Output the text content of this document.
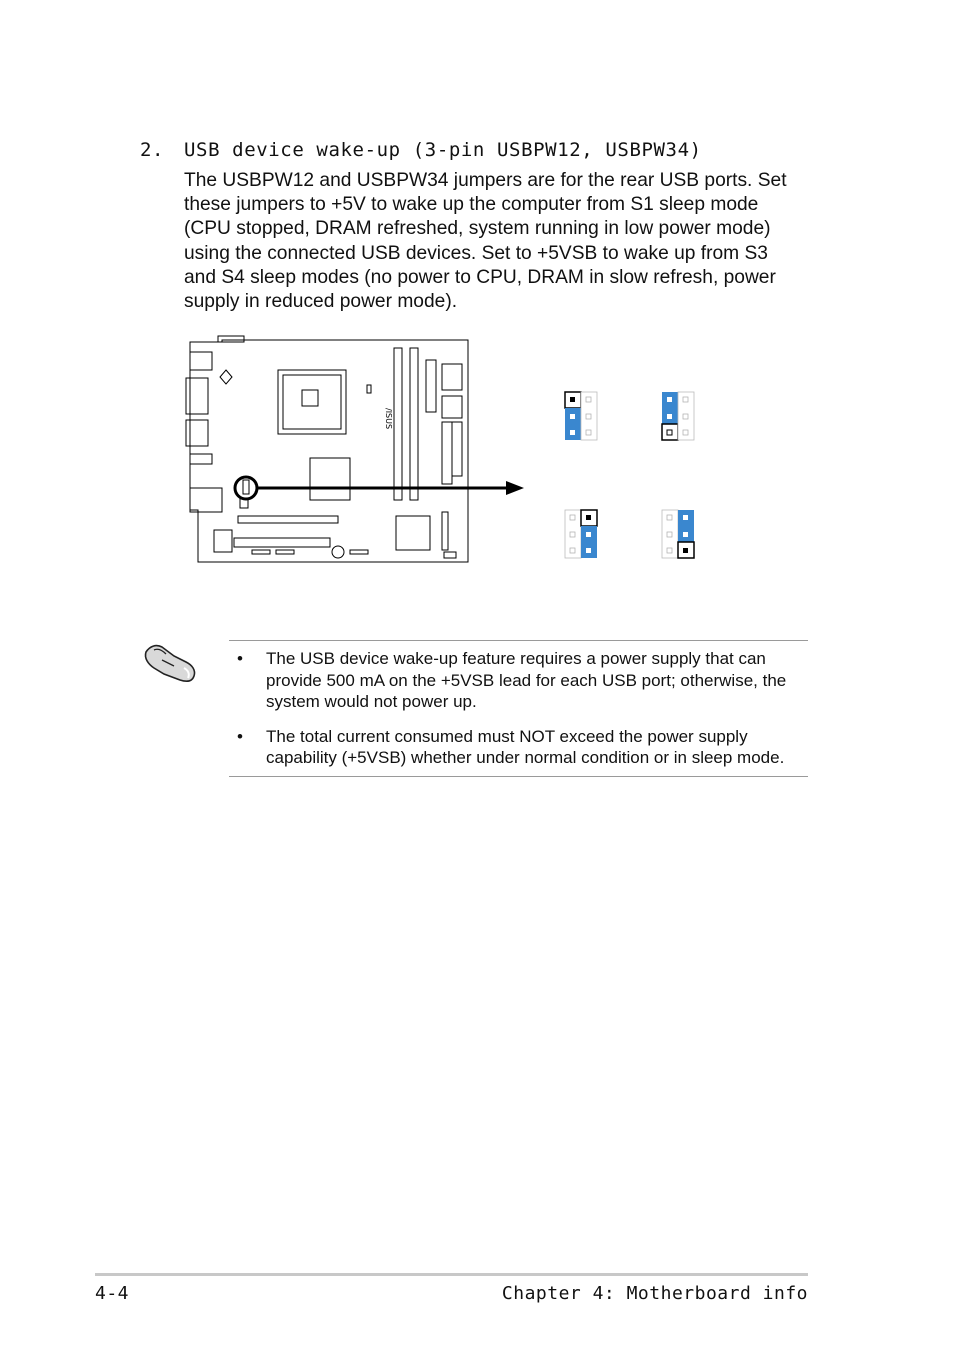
2. USB device wake-up (3-pin USBPW12, USBPW34)
The USBPW12 and USBPW34 jumpers are for the rear USB ports. Set these jumpers to +5V to wake up the computer from S1 sleep mode (CPU stopped, DRAM refreshed, system running in low power mode) using the connected USB devices. Set to +5VSB to wake up from S3 and S4 sleep modes (no power to CPU, DRAM in slow refresh, power supply in reduced power mode).
/ISUS
• The USB device wake-up feature requires a power supply that can provide 500 mA on the +5VSB lead for each USB port; otherwise, the system would not power up.
• The total current consumed must NOT exceed the power supply capability (+5VSB) whether under normal condition or in sleep mode.
4-4	Chapter 4: Motherboard info
